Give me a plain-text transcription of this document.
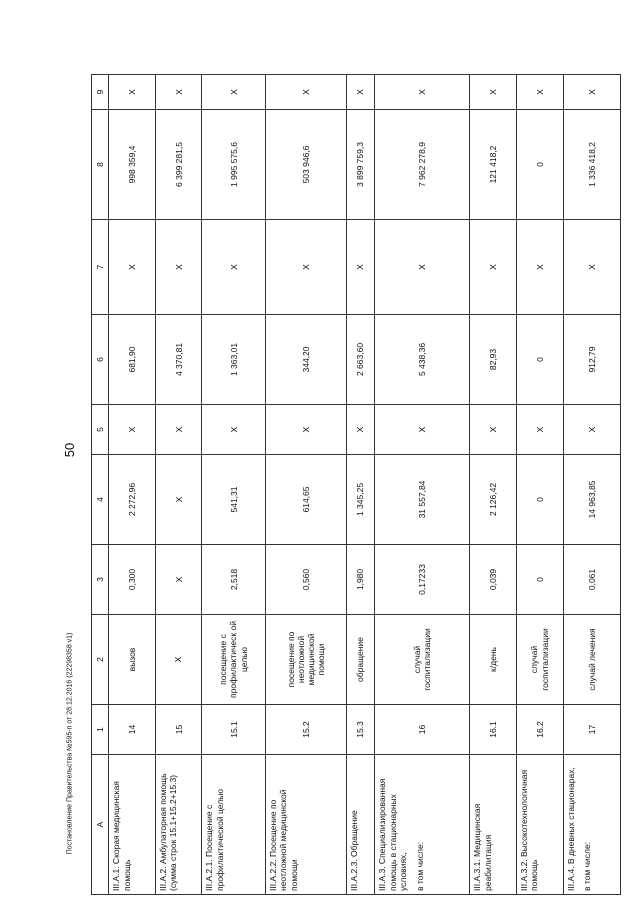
50
Постановление Правительства №595-п от 28.12.2016 (22298358 v1)	А	1	2	3	4	5	6	7	8	9
III.А.1. Скорая медицинская помощь	14	вызов	0,300	2 272,96	X	681,90	X	998 359,4	X
III.А.2. Амбулаторная помощь (сумма строк 15.1+15.2+15.3)	15	X	X	X	X	4 370,81	X	6 399 281,5	X
III.А.2.1. Посещение с профилактической целью	15.1	посещение с профилактическ ой целью	2,518	541,31	X	1 363,01	X	1 995 575,6	X
III.А.2.2. Посещение по неотложной медицинской помощи	15.2	посещение по неотложной медицинской помощи	0,560	614,65	X	344,20	X	503 946,6	X
III.А.2.3. Обращение	15.3	обращение	1,980	1 345,25	X	2 663,60	X	3 899 759,3	X
III.А.3. Специализированная помощь в стационарных условиях, в том числе:	16	случай госпитализации	0,17233	31 557,84	X	5 438,36	X	7 962 278,9	X
III.А.3.1. Медицинская реабилитация	16.1	к/день	0,039	2 126,42	X	82,93	X	121 418,2	X
III.А.3.2. Высокотехнологичная помощь	16.2	случай госпитализации	0	0	X	0	X	0	X
III.А.4. В дневных стационарах, в том числе:	17	случай лечения	0,061	14 963,85	X	912,79	X	1 336 418,2	X
